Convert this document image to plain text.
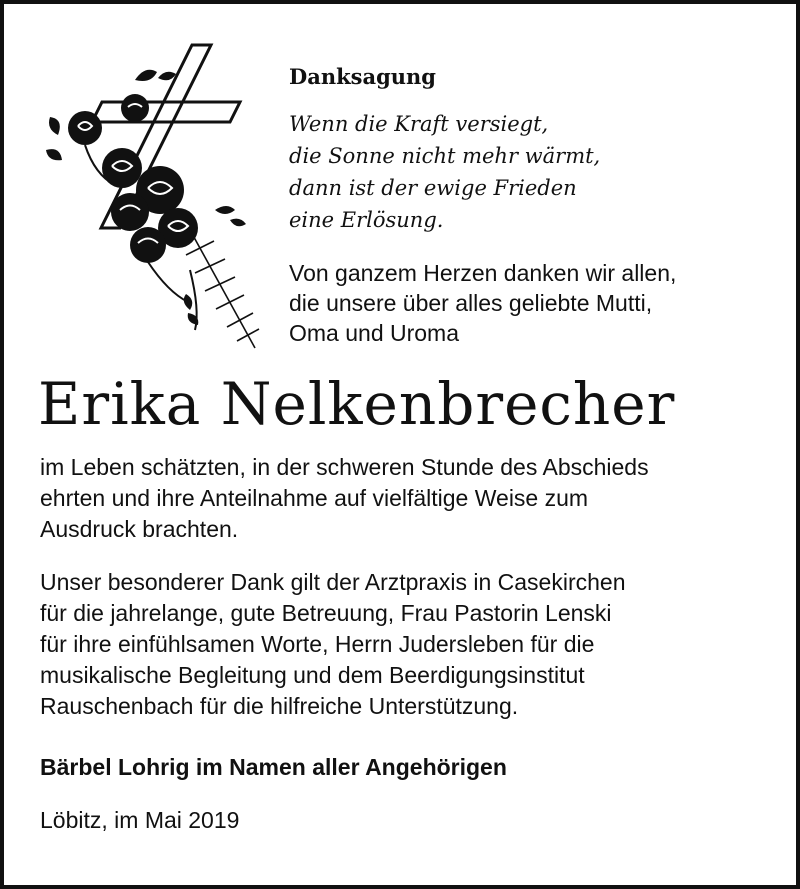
Danksagung
Wenn die Kraft versiegt,
die Sonne nicht mehr wärmt,
dann ist der ewige Frieden
eine Erlösung.
Von ganzem Herzen danken wir allen,
die unsere über alles geliebte Mutti,
Oma und Uroma
Erika Nelkenbrecher
im Leben schätzten, in der schweren Stunde des Abschieds
ehrten und ihre Anteilnahme auf vielfältige Weise zum
Ausdruck brachten.
Unser besonderer Dank gilt der Arztpraxis in Casekirchen
für die jahrelange, gute Betreuung, Frau Pastorin Lenski
für ihre einfühlsamen Worte, Herrn Judersleben für die
musikalische Begleitung und dem Beerdigungsinstitut
Rauschenbach für die hilfreiche Unterstützung.
Bärbel Lohrig im Namen aller Angehörigen
Löbitz, im Mai 2019
